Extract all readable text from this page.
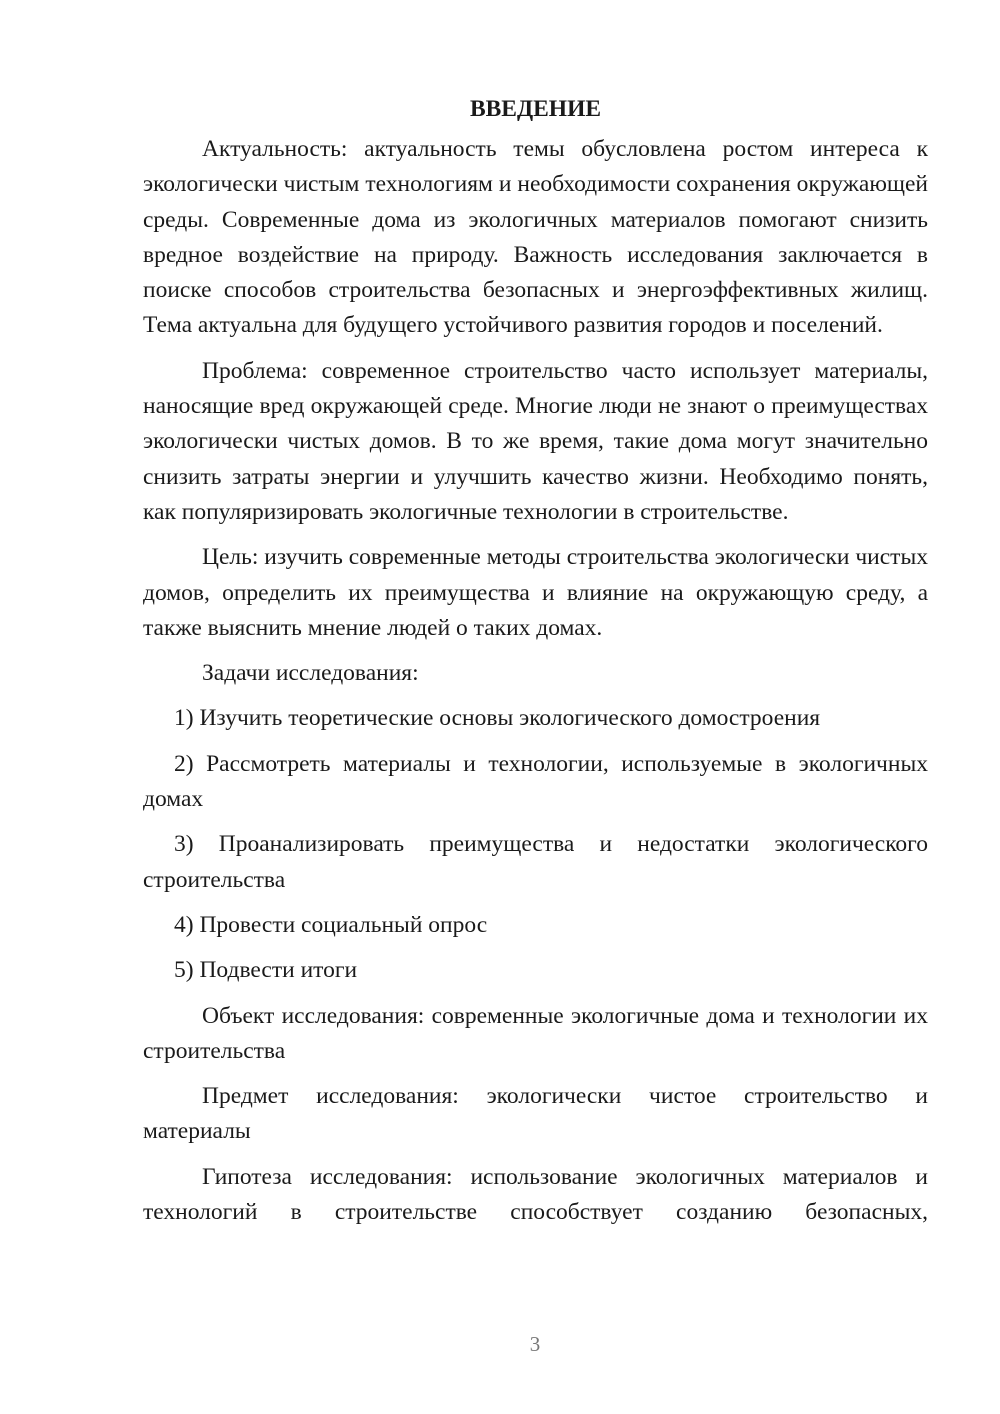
ВВЕДЕНИЕ

Актуальность: актуальность темы обусловлена ростом интереса к экологически чистым технологиям и необходимости сохранения окружающей среды. Современные дома из экологичных материалов помогают снизить вредное воздействие на природу. Важность исследования заключается в поиске способов строительства безопасных и энергоэффективных жилищ. Тема актуальна для будущего устойчивого развития городов и поселений.

Проблема: современное строительство часто использует материалы, наносящие вред окружающей среде. Многие люди не знают о преимуществах экологически чистых домов. В то же время, такие дома могут значительно снизить затраты энергии и улучшить качество жизни. Необходимо понять, как популяризировать экологичные технологии в строительстве.

Цель: изучить современные методы строительства экологически чистых домов, определить их преимущества и влияние на окружающую среду, а также выяснить мнение людей о таких домах.

Задачи исследования:

1) Изучить теоретические основы экологического домостроения

2) Рассмотреть материалы и технологии, используемые в экологичных домах

3) Проанализировать преимущества и недостатки экологического строительства

4) Провести социальный опрос

5) Подвести итоги

Объект исследования: современные экологичные дома и технологии их строительства

Предмет исследования: экологически чистое строительство и материалы

Гипотеза исследования: использование экологичных материалов и технологий в строительстве способствует созданию безопасных,

3
